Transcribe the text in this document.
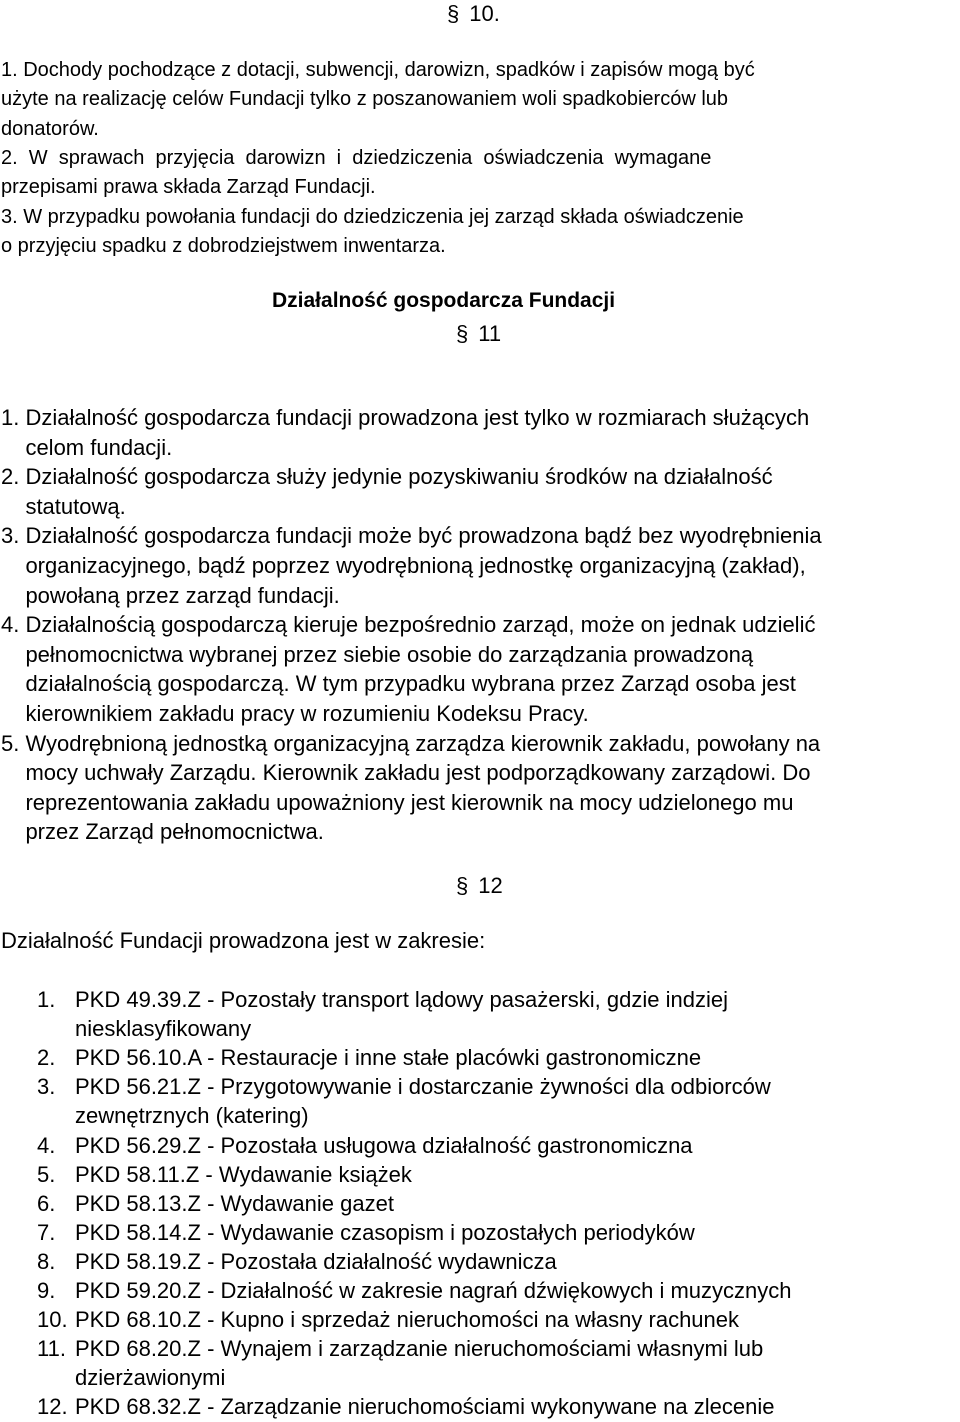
§ 10.
1. Dochody pochodzące z dotacji, subwencji, darowizn, spadków i zapisów mogą być
użyte na realizację celów Fundacji tylko z poszanowaniem woli spadkobierców lub
donatorów.
2.  W  sprawach  przyjęcia  darowizn  i  dziedziczenia  oświadczenia  wymagane
przepisami prawa składa Zarząd Fundacji.
3. W przypadku powołania fundacji do dziedziczenia jej zarząd składa oświadczenie
o przyjęciu spadku z dobrodziejstwem inwentarza.
Działalność gospodarcza Fundacji
§ 11
1. Działalność gospodarcza fundacji prowadzona jest tylko w rozmiarach służących
celom fundacji.
2. Działalność gospodarcza służy jedynie pozyskiwaniu środków na działalność
statutową.
3. Działalność gospodarcza fundacji może być prowadzona bądź bez wyodrębnienia
organizacyjnego, bądź poprzez wyodrębnioną jednostkę organizacyjną (zakład),
powołaną przez zarząd fundacji.
4. Działalnością gospodarczą kieruje bezpośrednio zarząd, może on jednak udzielić
pełnomocnictwa wybranej przez siebie osobie do zarządzania prowadzoną
działalnością gospodarczą. W tym przypadku wybrana przez Zarząd osoba jest
kierownikiem zakładu pracy w rozumieniu Kodeksu Pracy.
5. Wyodrębnioną jednostką organizacyjną zarządza kierownik zakładu, powołany na
mocy uchwały Zarządu. Kierownik zakładu jest podporządkowany zarządowi. Do
reprezentowania zakładu upoważniony jest kierownik na mocy udzielonego mu
przez Zarząd pełnomocnictwa.
§ 12
Działalność Fundacji prowadzona jest w zakresie:
1. PKD 49.39.Z - Pozostały transport lądowy pasażerski, gdzie indziej
niesklasyfikowany
2. PKD 56.10.A - Restauracje i inne stałe placówki gastronomiczne
3. PKD 56.21.Z - Przygotowywanie i dostarczanie żywności dla odbiorców
zewnętrznych (katering)
4. PKD 56.29.Z - Pozostała usługowa działalność gastronomiczna
5. PKD 58.11.Z - Wydawanie książek
6. PKD 58.13.Z - Wydawanie gazet
7. PKD 58.14.Z - Wydawanie czasopism i pozostałych periodyków
8. PKD 58.19.Z - Pozostała działalność wydawnicza
9. PKD 59.20.Z - Działalność w zakresie nagrań dźwiękowych i muzycznych
10. PKD 68.10.Z - Kupno i sprzedaż nieruchomości na własny rachunek
11. PKD 68.20.Z - Wynajem i zarządzanie nieruchomościami własnymi lub
dzierżawionymi
12. PKD 68.32.Z - Zarządzanie nieruchomościami wykonywane na zlecenie
